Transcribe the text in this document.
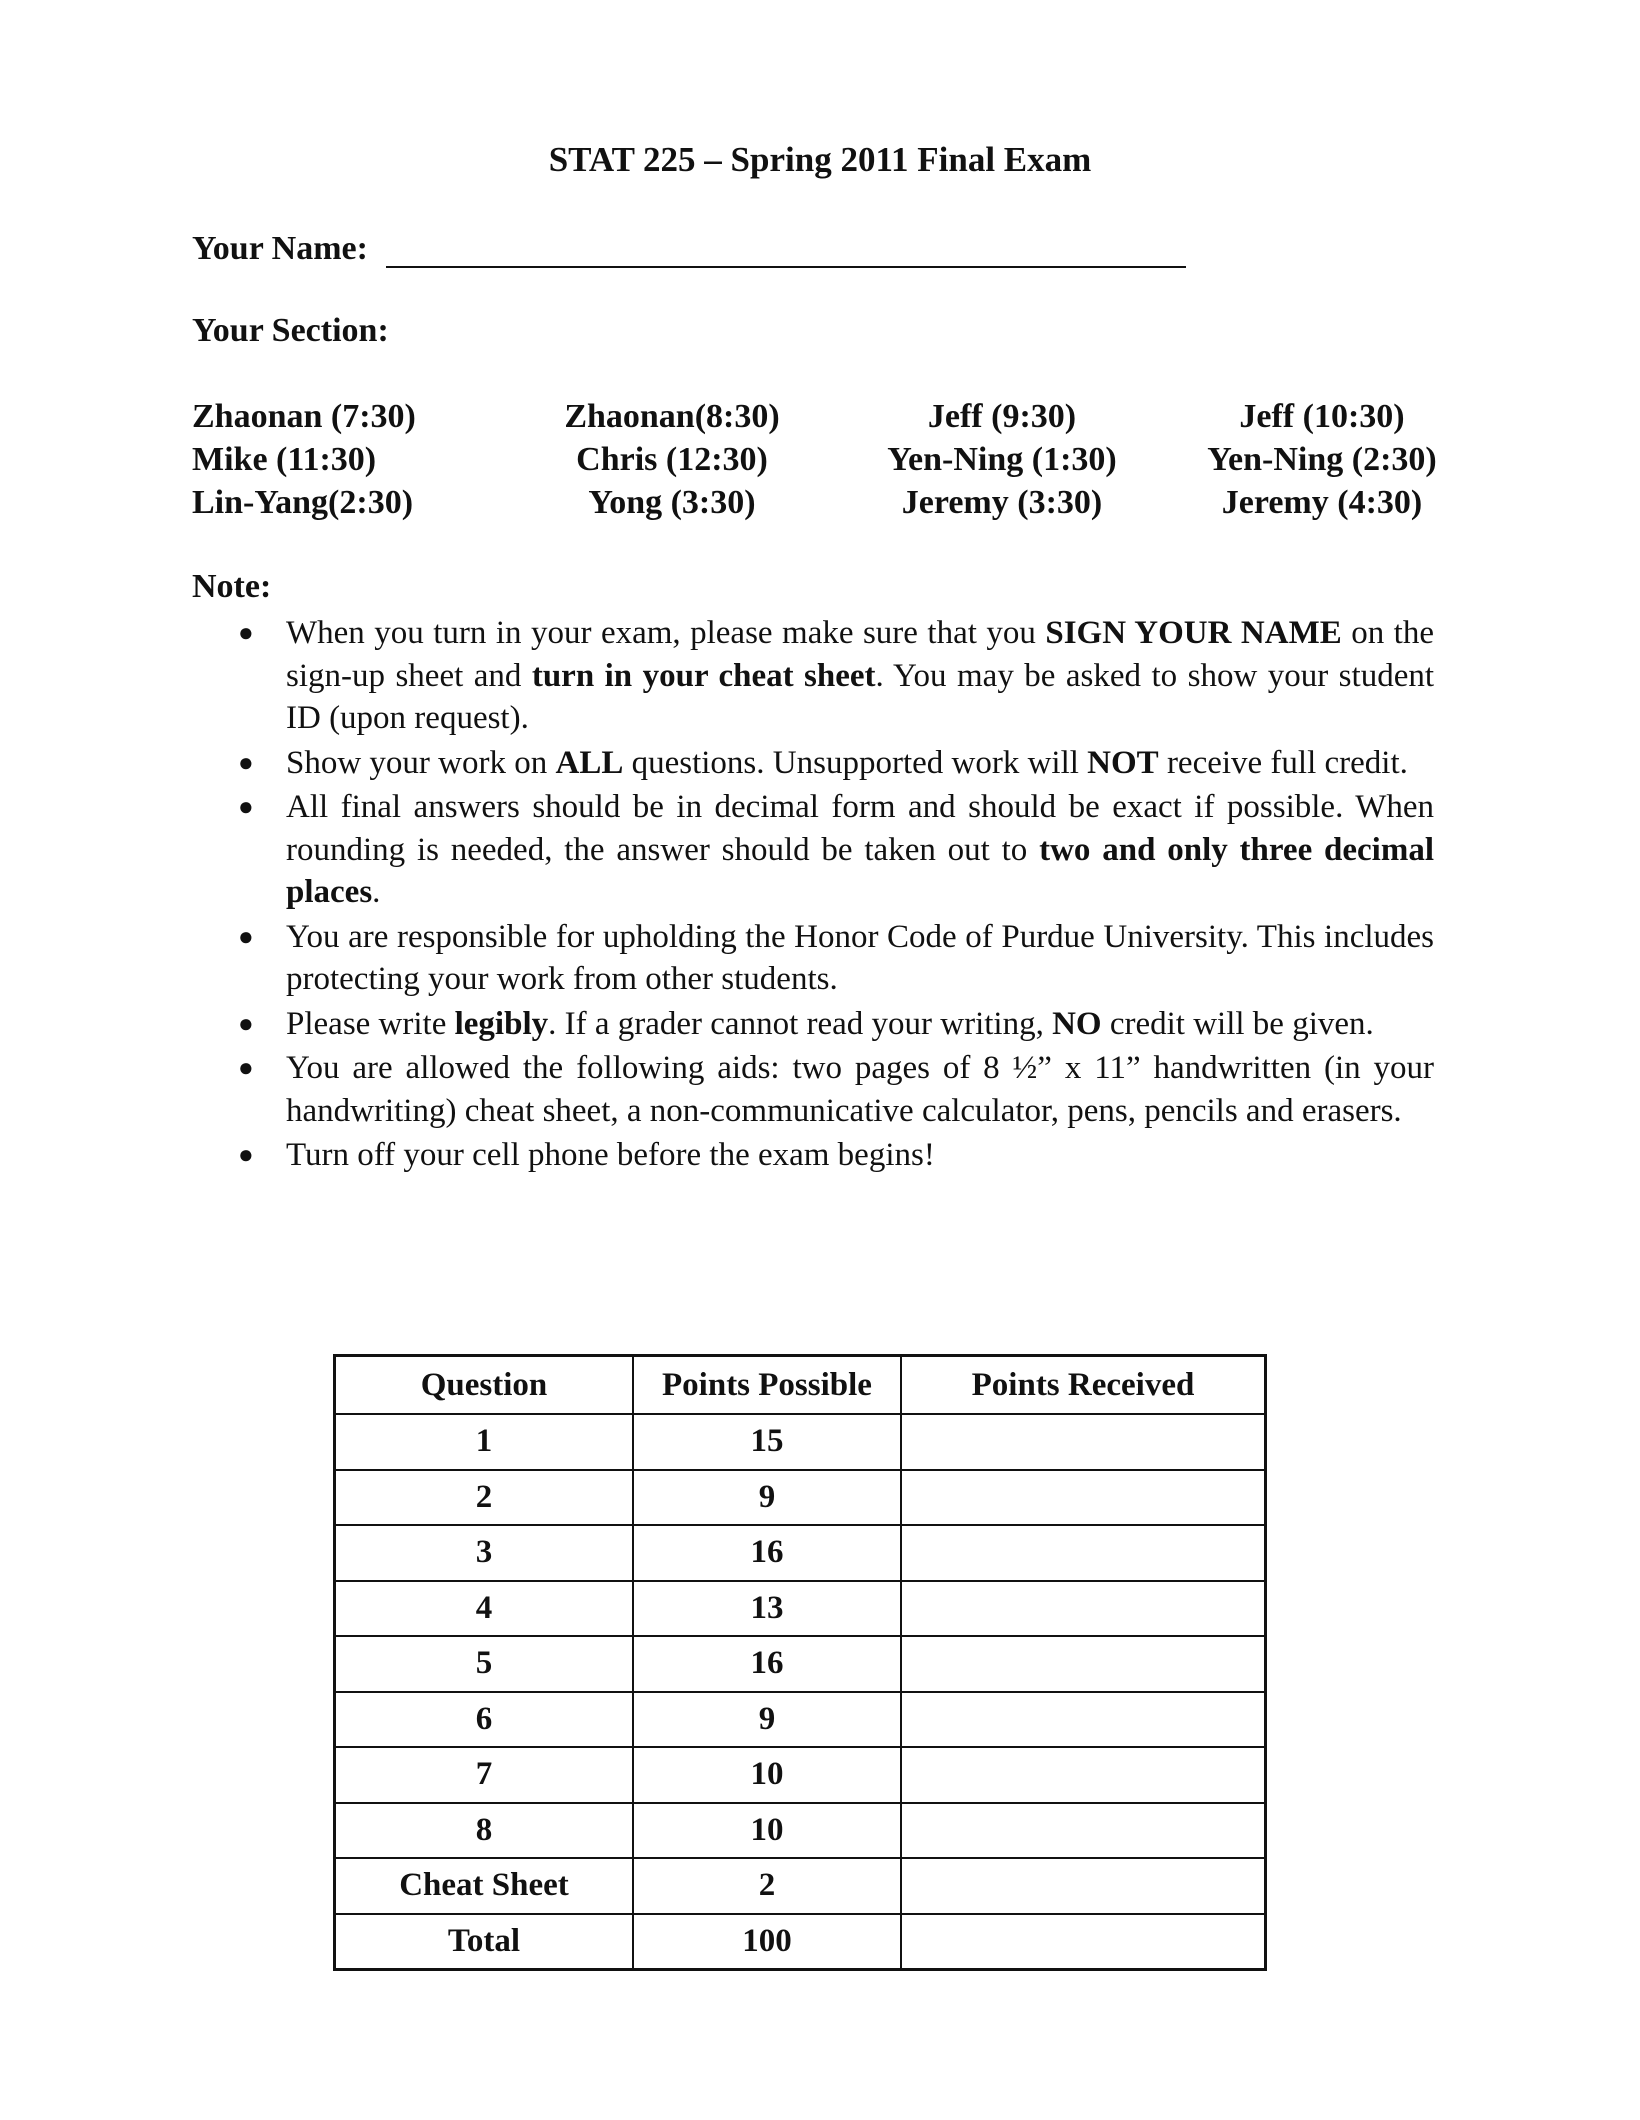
STAT 225 – Spring 2011 Final Exam
Your Name:
Your Section:
Zhaonan (7:30)	Zhaonan(8:30)	Jeff (9:30)	Jeff (10:30)
Mike (11:30)	Chris (12:30)	Yen-Ning (1:30)	Yen-Ning (2:30)
Lin-Yang(2:30)	Yong (3:30)	Jeremy (3:30)	Jeremy (4:30)
Note:
● When you turn in your exam, please make sure that you SIGN YOUR NAME on the sign-up sheet and turn in your cheat sheet. You may be asked to show your student ID (upon request).
● Show your work on ALL questions. Unsupported work will NOT receive full credit.
● All final answers should be in decimal form and should be exact if possible. When rounding is needed, the answer should be taken out to two and only three decimal places.
● You are responsible for upholding the Honor Code of Purdue University. This includes protecting your work from other students.
● Please write legibly. If a grader cannot read your writing, NO credit will be given.
● You are allowed the following aids: two pages of 8 ½” x 11” handwritten (in your handwriting) cheat sheet, a non-communicative calculator, pens, pencils and erasers.
● Turn off your cell phone before the exam begins!
Question	Points Possible	Points Received
1	15	
2	9	
3	16	
4	13	
5	16	
6	9	
7	10	
8	10	
Cheat Sheet	2	
Total	100	
